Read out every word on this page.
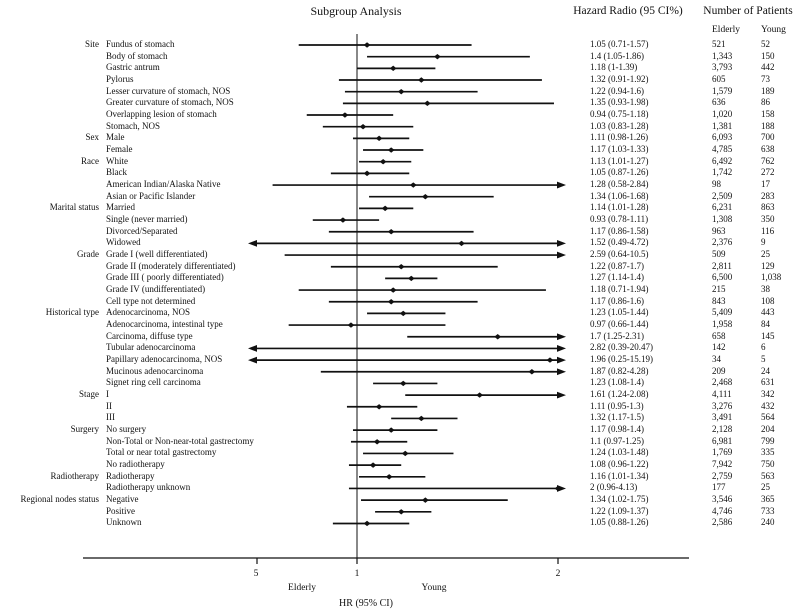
Subgroup Analysis	Hazard Radio (95 CI%) Number of Patients
Elderly Young
Site Fundus of stomach	1.05 (0.71-1.57)	521	52
Body of stomach	1.4 (1.05-1.86)	1,343	150
Gastric antrum	1.18 (1-1.39)	3,793	442
Pylorus	1.32 (0.91-1.92)	605	73
Lesser curvature of stomach, NOS	1.22 (0.94-1.6)	1,579	189
Greater curvature of stomach, NOS	1.35 (0.93-1.98)	636	86
Overlapping lesion of stomach	0.94 (0.75-1.18)	1,020	158
Stomach, NOS	1.03 (0.83-1.28)	1,381	188
Sex Male	1.11 (0.98-1.26)	6,093	700
Female	1.17 (1.03-1.33)	4,785	638
Race White	1.13 (1.01-1.27)	6,492	762
Black	1.05 (0.87-1.26)	1,742	272
American Indian/Alaska Native	1.28 (0.58-2.84)	98	17
Asian or Pacific Islander	1.34 (1.06-1.68)	2,509	283
Marital status Married	1.14 (1.01-1.28)	6,231	863
Single (never married)	0.93 (0.78-1.11)	1,308	350
Divorced/Separated	1.17 (0.86-1.58)	963	116
Widowed	1.52 (0.49-4.72)	2,376	9
Grade Grade I (well differentiated)	2.59 (0.64-10.5)	509	25
Grade II (moderately differentiated)	1.22 (0.87-1.7)	2,811	129
Grade III ( poorly differentiated)	1.27 (1.14-1.4)	6,500	1,038
Grade IV (undifferentiated)	1.18 (0.71-1.94)	215	38
Cell type not determined	1.17 (0.86-1.6)	843	108
Historical type Adenocarcinoma, NOS	1.23 (1.05-1.44)	5,409	443
Adenocarcinoma, intestinal type	0.97 (0.66-1.44)	1,958	84
Carcinoma, diffuse type	1.7 (1.25-2.31)	658	145
Tubular adenocarcinoma	2.82 (0.39-20.47)	142	6
Papillary adenocarcinoma, NOS	1.96 (0.25-15.19)	34	5
Mucinous adenocarcinoma	1.87 (0.82-4.28)	209	24
Signet ring cell carcinoma	1.23 (1.08-1.4)	2,468	631
Stage I	1.61 (1.24-2.08)	4,111	342
II	1.11 (0.95-1.3)	3,276	432
III	1.32 (1.17-1.5)	3,491	564
Surgery No surgery	1.17 (0.98-1.4)	2,128	204
Non-Total or Non-near-total gastrectomy	1.1 (0.97-1.25)	6,981	799
Total or near total gastrectomy	1.24 (1.03-1.48)	1,769	335
No radiotherapy	1.08 (0.96-1.22)	7,942	750
Radiotherapy Radiotherapy	1.16 (1.01-1.34)	2,759	563
Radiotherapy unknown	2 (0.96-4.13)	177	25
Regional nodes status Negative	1.34 (1.02-1.75)	3,546	365
Positive	1.22 (1.09-1.37)	4,746	733
Unknown	1.05 (0.88-1.26)	2,586	240
5	1	2
Elderly	Young
HR (95% CI)
